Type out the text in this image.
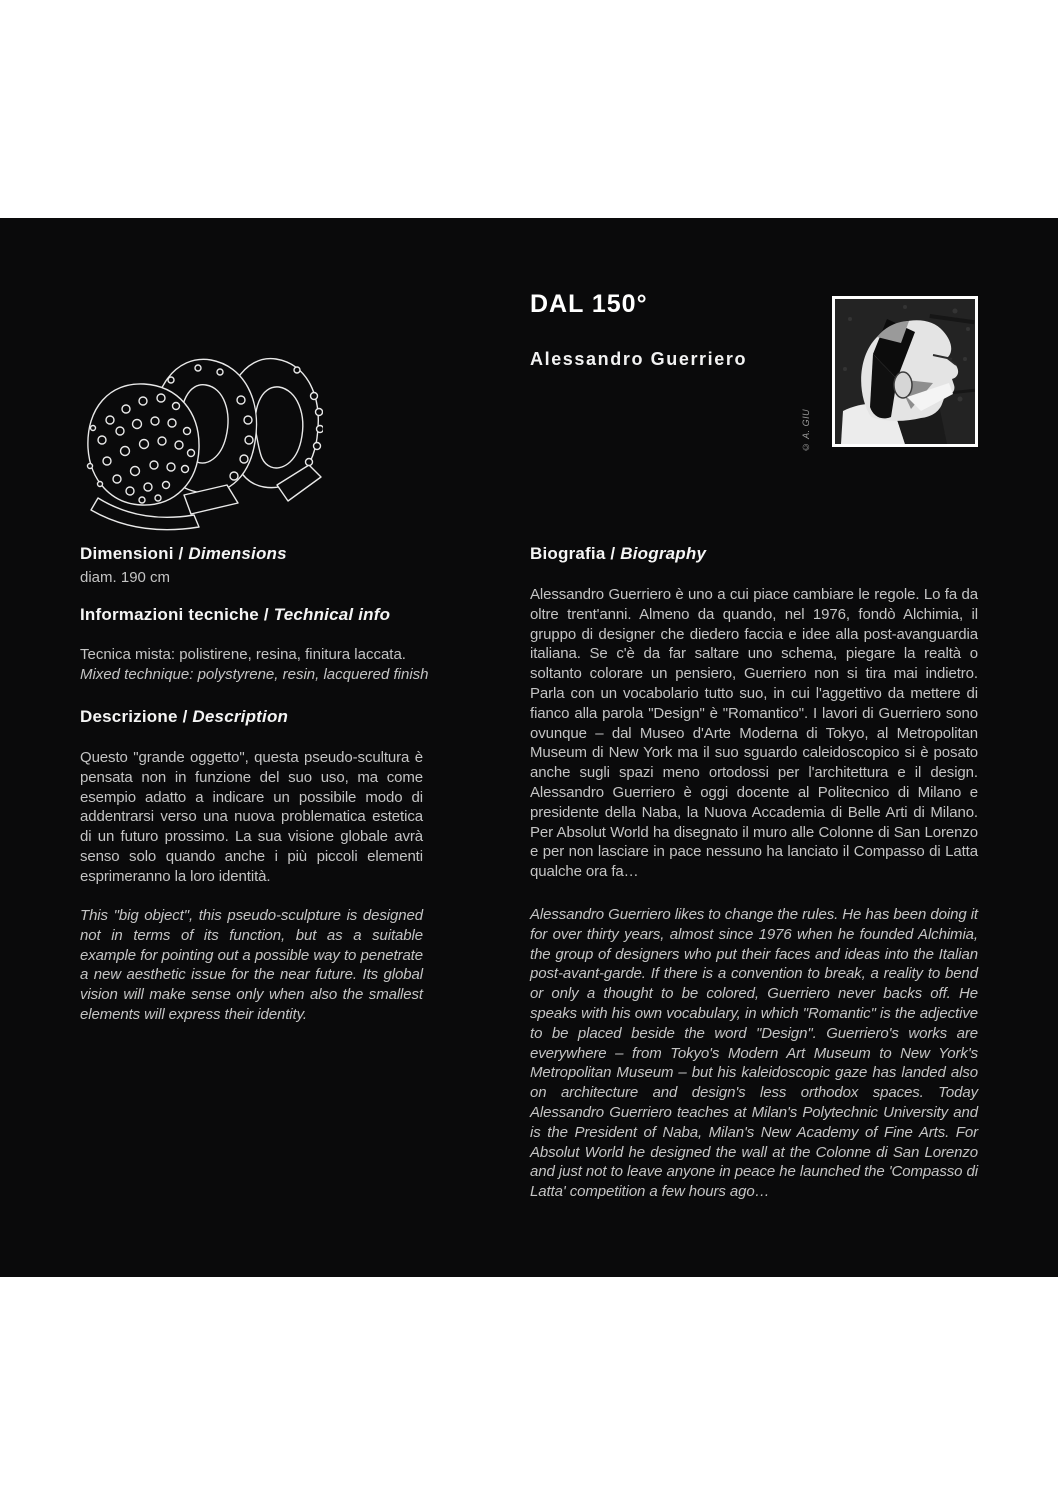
Dimensioni / Dimensions
diam. 190 cm
Informazioni tecniche / Technical info
Tecnica mista: polistirene, resina, finitura laccata.
Mixed technique: polystyrene, resin, lacquered finish
Descrizione / Description
Questo "grande oggetto", questa pseudo-scultura è pensata non in funzione del suo uso, ma come esempio adatto a indicare un possibile modo di addentrarsi verso una nuova problematica estetica di un futuro prossimo. La sua visione globale avrà senso solo quando anche i più piccoli elementi esprimeranno la loro identità.
This "big object", this pseudo-sculpture is designed not in terms of its function, but as a suitable example for pointing out a possible way to penetrate a new aesthetic issue for the near future. Its global vision will make sense only when also the smallest elements will express their identity.
DAL 150°
Alessandro Guerriero
© A. GIU
Biografia / Biography
Alessandro Guerriero è uno a cui piace cambiare le regole. Lo fa da oltre trent'anni. Almeno da quando, nel 1976, fondò Alchimia, il gruppo di designer che diedero faccia e idee alla post-avanguardia italiana. Se c'è da far saltare uno schema, piegare la realtà o soltanto colorare un pensiero, Guerriero non si tira mai indietro. Parla con un vocabolario tutto suo, in cui l'aggettivo da mettere di fianco alla parola "Design" è "Romantico". I lavori di Guerriero sono ovunque – dal Museo d'Arte Moderna di Tokyo, al Metropolitan Museum di New York ma il suo sguardo caleidoscopico si è posato anche sugli spazi meno ortodossi per l'architettura e il design. Alessandro Guerriero è oggi docente al Politecnico di Milano e presidente della Naba, la Nuova Accademia di Belle Arti di Milano. Per Absolut World ha disegnato il muro alle Colonne di San Lorenzo e per non lasciare in pace nessuno ha lanciato il Compasso di Latta qualche ora fa…
Alessandro Guerriero likes to change the rules. He has been doing it for over thirty years, almost since 1976 when he founded Alchimia, the group of designers who put their faces and ideas into the Italian post-avant-garde. If there is a convention to break, a reality to bend or only a thought to be colored, Guerriero never backs off. He speaks with his own vocabulary, in which "Romantic" is the adjective to be placed beside the word "Design". Guerriero's works are everywhere – from Tokyo's Modern Art Museum to New York's Metropolitan Museum – but his kaleidoscopic gaze has landed also on architecture and design's less orthodox spaces. Today Alessandro Guerriero teaches at Milan's Polytechnic University and is the President of Naba, Milan's New Academy of Fine Arts. For Absolut World he designed the wall at the Colonne di San Lorenzo and just not to leave anyone in peace he launched the 'Compasso di Latta' competition a few hours ago…
